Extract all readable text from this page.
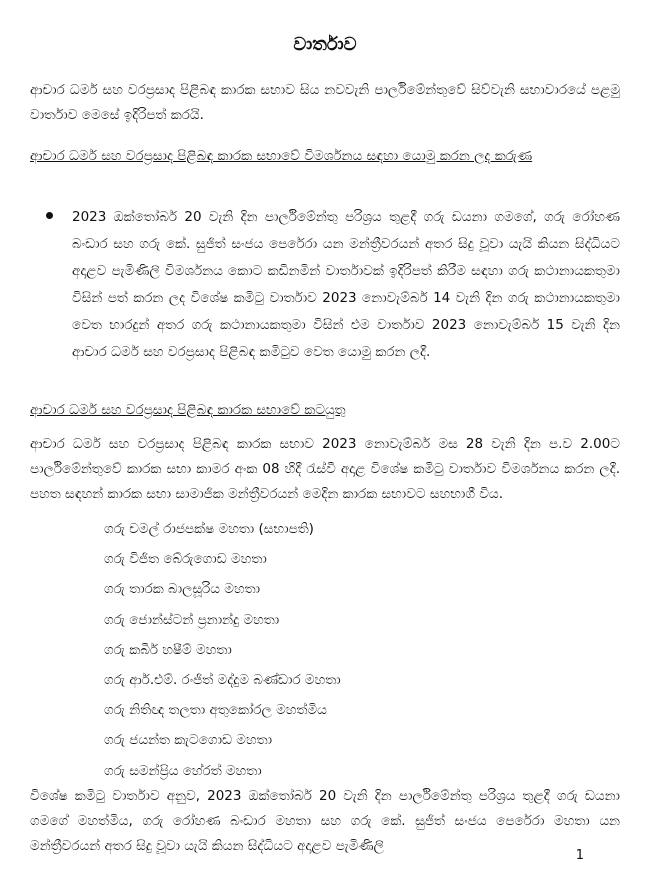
වාර්තාව
ආචාර ධර්ම සහ වරප්‍රසාද පිළිබඳ කාරක සභාව සිය නවවැනි පාර්ලිමේන්තුවේ සිව්වැනි සභාවාරයේ පළමු වාර්තාව මෙසේ ඉදිරිපත් කරයි.
ආචාර ධර්ම සහ වරප්‍රසාද පිළිබඳ කාරක සභාවේ විමර්ශනය සඳහා යොමු කරන ලද කරුණ
2023 ඔක්තෝබර් 20 වැනි දින පාර්ලිමේන්තු පරිශ්‍රය තුළදී ගරු ඩයනා ගමගේ, ගරු රෝහණ බංඩාර සහ ගරු කේ. සුජිත් සංජය පෙරේරා යන මන්ත්‍රීවරයන් අතර සිදු වූවා යැයි කියන සිද්ධියට අදාළව පැමිණිලි විමර්ශනය කොට කඩිනමින් වාර්තාවක් ඉදිරිපත් කිරීම සඳහා ගරු කථානායකතුමා විසින් පත් කරන ලද විශේෂ කමිටු වාර්තාව 2023 නොවැම්බර් 14 වැනි දින ගරු කථානායකතුමා වෙත භාරදුන් අතර ගරු කථානායකතුමා විසින් එම වාර්තාව 2023 නොවැම්බර් 15 වැනි දින ආචාර ධර්ම සහ වරප්‍රසාද පිළිබඳ කමිටුව වෙත යොමු කරන ලදී.
ආචාර ධර්ම සහ වරප්‍රසාද පිළිබඳ කාරක සභාවේ කටයුතු
ආචාර ධර්ම සහ වරප්‍රසාද පිළිබඳ කාරක සභාව 2023 නොවැම්බර් මස 28 වැනි දින ප.ව 2.00ට පාර්ලිමේන්තුවේ කාරක සභා කාමර අංක 08 හිදී රැස්වී අදාළ විශේෂ කමිටු වාර්තාව විමර්ශනය කරන ලදී. පහත සඳහන් කාරක සභා සාමාජික මන්ත්‍රීවරයන් මෙදින කාරක සභාවට සහභාගී විය.
ගරු චමල් රාජපක්ෂ මහතා (සභාපති)
ගරු විජිත බේරුගොඩ මහතා
ගරු තාරක බාලසූරිය මහතා
ගරු ජොන්ස්ටන් ප්‍රනාන්දු මහතා
ගරු කබීර් හෂීම් මහතා
ගරු ආර්.එම්. රංජිත් මද්දුම බණ්ඩාර මහතා
ගරු නිතිඥ තලතා අතුකෝරල මහත්මිය
ගරු ජයන්ත කැටගොඩ මහතා
ගරු සමන්ප්‍රිය හේරත් මහතා
විශේෂ කමිටු වාර්තාව අනුව, 2023 ඔක්තෝබර් 20 වැනි දින පාර්ලිමේන්තු පරිශ්‍රය තුළදී ගරු ඩයනා ගමගේ මහත්මිය, ගරු රෝහණ බංඩාර මහතා සහ ගරු කේ. සුජිත් සංජය පෙරේරා මහතා යන මන්ත්‍රීවරයන් අතර සිදු වූවා යැයි කියන සිද්ධියට අදාළව පැමිණිලි
1
